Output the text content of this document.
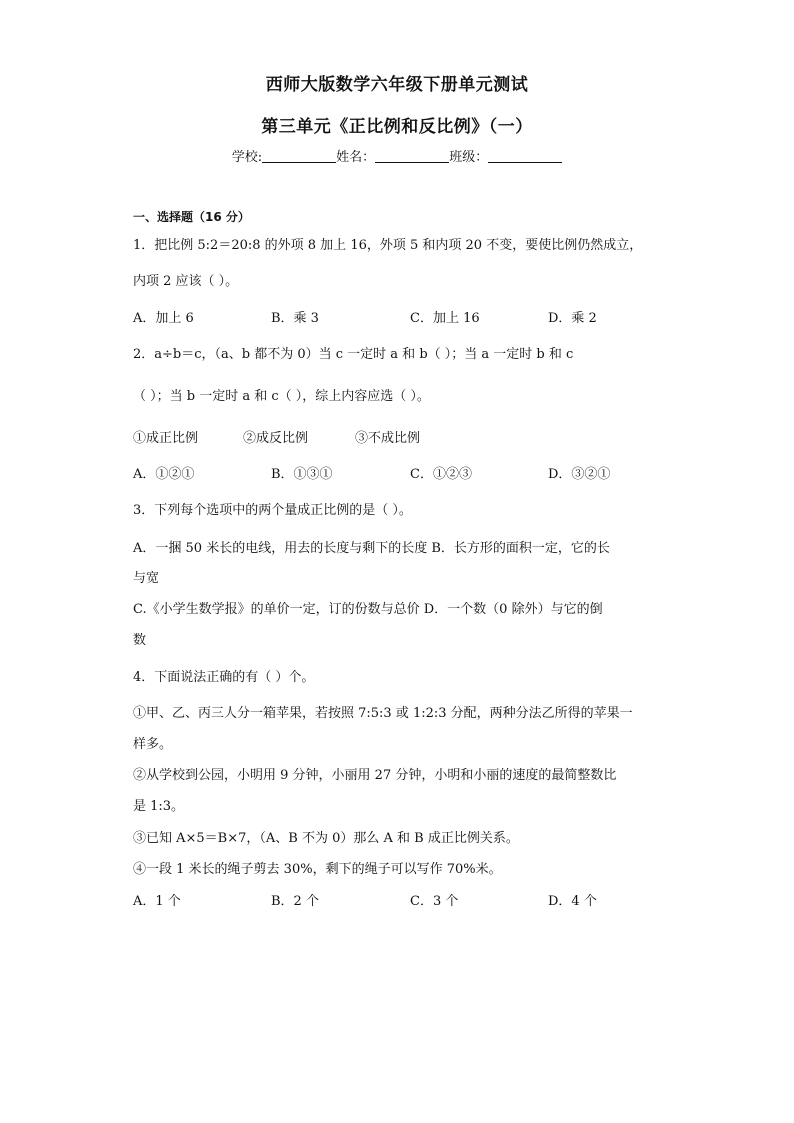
西师大版数学六年级下册单元测试
第三单元《正比例和反比例》（一）
学校:	姓名：	班级：
一、选择题（16 分）
1．把比例 5:2＝20:8 的外项 8 加上 16，外项 5 和内项 20 不变，要使比例仍然成立，
内项 2 应该（ ）。
A．加上 6	B．乘 3	C．加上 16	D．乘 2
2．a÷b＝c，（a、b 都不为 0）当 c 一定时 a 和 b（ ）；当 a 一定时 b 和 c
（ ）；当 b 一定时 a 和 c（ ），综上内容应选（ ）。
①成正比例	②成反比例	③不成比例
A．①②①	B．①③①	C．①②③	D．③②①
3．下列每个选项中的两个量成正比例的是（ ）。
A．一捆 50 米长的电线，用去的长度与剩下的长度 B．长方形的面积一定，它的长
与宽
C.《小学生数学报》的单价一定，订的份数与总价 D．一个数（0 除外）与它的倒
数
4．下面说法正确的有（ ）个。
①甲、乙、丙三人分一箱苹果，若按照 7:5:3 或 1:2:3 分配，两种分法乙所得的苹果一
样多。
②从学校到公园，小明用 9 分钟，小丽用 27 分钟，小明和小丽的速度的最简整数比
是 1:3。
③已知 A×5＝B×7，（A、B 不为 0）那么 A 和 B 成正比例关系。
④一段 1 米长的绳子剪去 30%，剩下的绳子可以写作 70%米。
A．1 个	B．2 个	C．3 个	D．4 个
